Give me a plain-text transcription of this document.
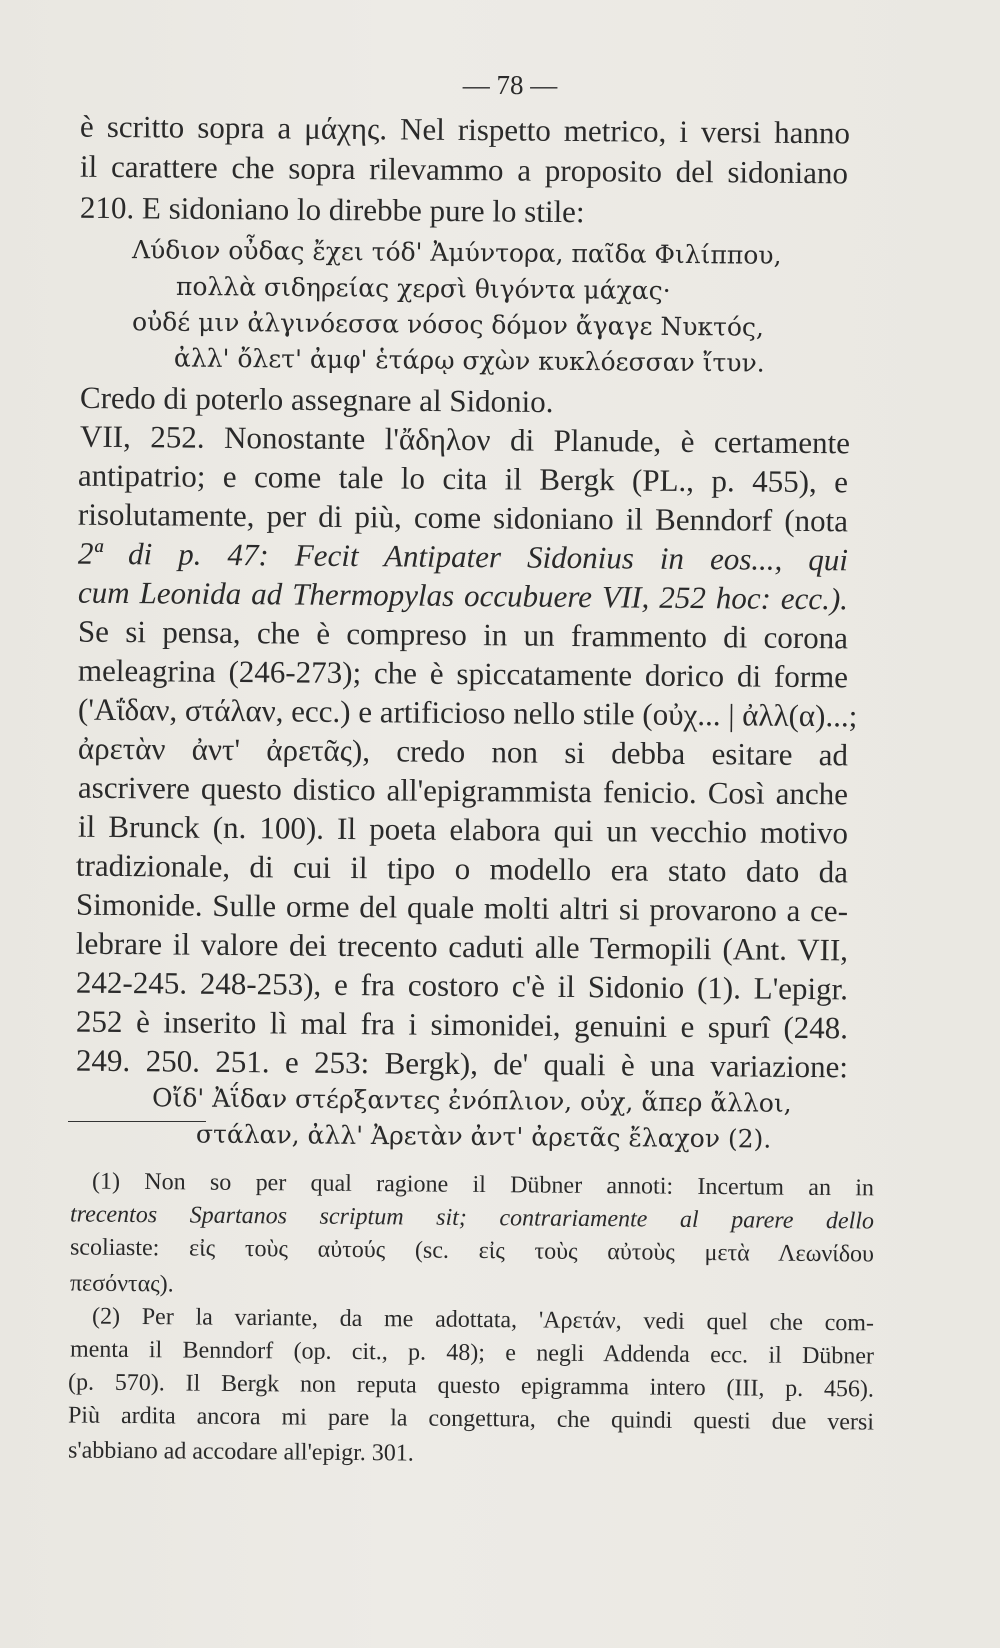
— 78 —
è scritto sopra a μάχης. Nel rispetto metrico, i versi hanno
il carattere che sopra rilevammo a proposito del sidoniano
210. E sidoniano lo direbbe pure lo stile:
Λύδιον οὖδας ἔχει τόδ' Ἀμύντορα, παῖδα Φιλίππου,
πολλὰ σιδηρείας χερσὶ θιγόντα μάχας·
οὐδέ μιν ἀλγινόεσσα νόσος δόμον ἄγαγε Νυκτός,
ἀλλ' ὄλετ' ἀμφ' ἑτάρῳ σχὼν κυκλόεσσαν ἴτυν.
Credo di poterlo assegnare al Sidonio.
VII, 252. Nonostante l'ἄδηλον di Planude, è certamente
antipatrio; e come tale lo cita il Bergk (PL., p. 455), e
risolutamente, per di più, come sidoniano il Benndorf (nota
2ª di p. 47: Fecit Antipater Sidonius in eos..., qui
cum Leonida ad Thermopylas occubuere VII, 252 hoc: ecc.).
Se si pensa, che è compreso in un frammento di corona
meleagrina (246-273); che è spiccatamente dorico di forme
('Αΐδαν, στάλαν, ecc.) e artificioso nello stile (οὐχ... | ἀλλ(α)...;
ἀρετὰν ἀντ' ἀρετᾶς), credo non si debba esitare ad
ascrivere questo distico all'epigrammista fenicio. Così anche
il Brunck (n. 100). Il poeta elabora qui un vecchio motivo
tradizionale, di cui il tipo o modello era stato dato da
Simonide. Sulle orme del quale molti altri si provarono a ce-
lebrare il valore dei trecento caduti alle Termopili (Ant. VII,
242-245. 248-253), e fra costoro c'è il Sidonio (1). L'epigr.
252 è inserito lì mal fra i simonidei, genuini e spurî (248.
249. 250. 251. e 253: Bergk), de' quali è una variazione:
Οἴδ' Ἀΐδαν στέρξαντες ἐνόπλιον, οὐχ, ἅπερ ἄλλοι,
στάλαν, ἀλλ' Ἀρετὰν ἀντ' ἀρετᾶς ἔλαχον (2).
(1) Non so per qual ragione il Dübner annoti: Incertum an in
trecentos Spartanos scriptum sit; contrariamente al parere dello
scoliaste: εἰς τοὺς αὐτούς (sc. εἰς τοὺς αὐτοὺς μετὰ Λεωνίδου
πεσόντας).
(2) Per la variante, da me adottata, 'Αρετάν, vedi quel che com-
menta il Benndorf (op. cit., p. 48); e negli Addenda ecc. il Dübner
(p. 570). Il Bergk non reputa questo epigramma intero (III, p. 456).
Più ardita ancora mi pare la congettura, che quindi questi due versi
s'abbiano ad accodare all'epigr. 301.
